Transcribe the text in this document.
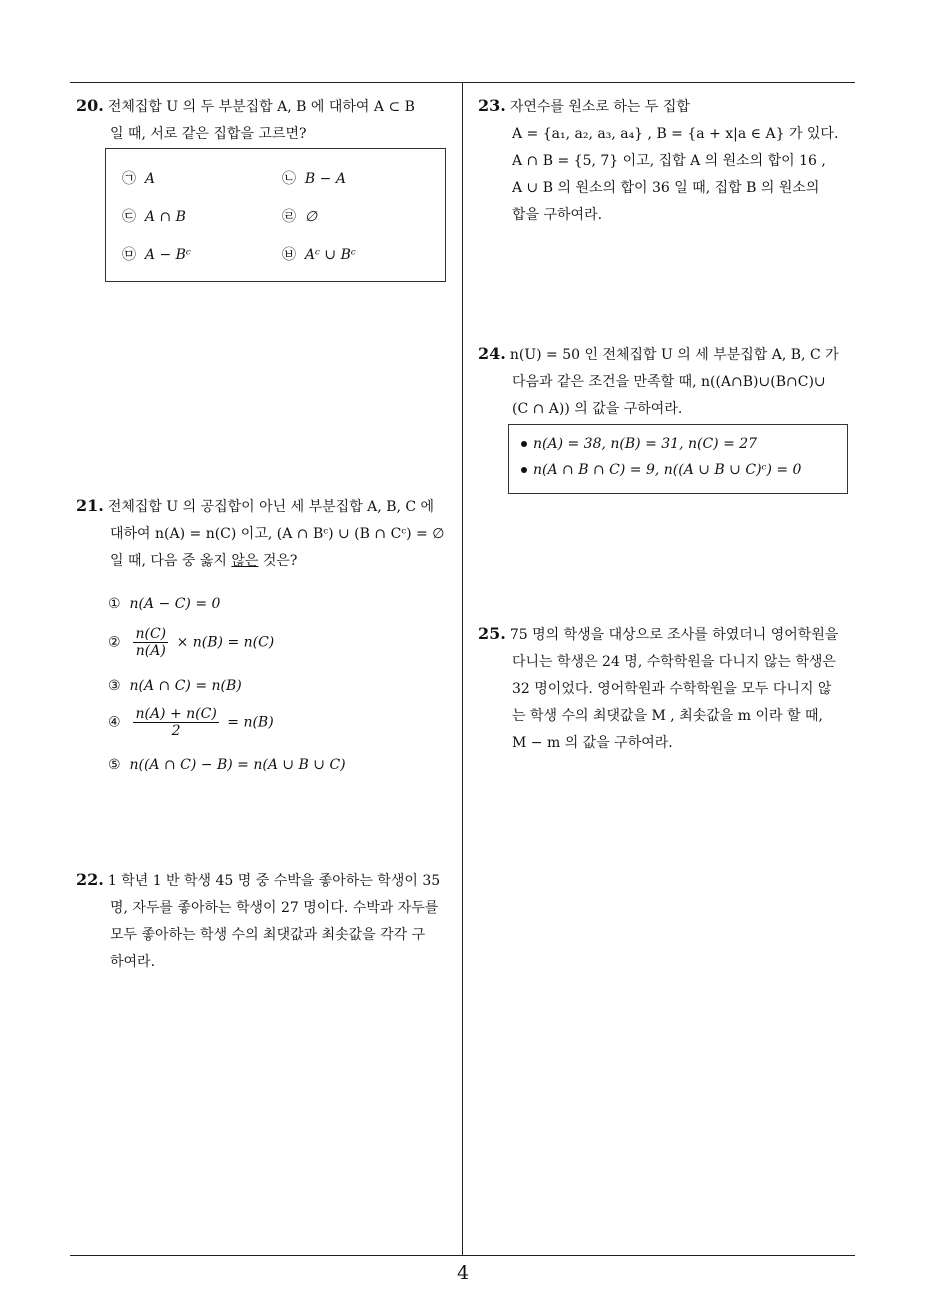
20. 전체집합 U 의 두 부분집합 A, B 에 대하여 A ⊂ B
일 때, 서로 같은 집합을 고르면?
㉠ A	㉡ B − A
㉢ A ∩ B	㉣ ∅
㉤ A − Bᶜ	㉥ Aᶜ ∪ Bᶜ
21. 전체집합 U 의 공집합이 아닌 세 부분집합 A, B, C 에
대하여 n(A) = n(C) 이고, (A ∩ Bᶜ) ∪ (B ∩ Cᶜ) = ∅
일 때, 다음 중 옳지 않은 것은?
① n(A − C) = 0
② $\frac{n(C)}{n(A)} \times n(B) = n(C)$
③ n(A ∩ C) = n(B)
④ $\frac{n(A) + n(C)}{2} = n(B)$
⑤ n((A ∩ C) − B) = n(A ∪ B ∪ C)
22. 1 학년 1 반 학생 45 명 중 수박을 좋아하는 학생이 35
명, 자두를 좋아하는 학생이 27 명이다. 수박과 자두를
모두 좋아하는 학생 수의 최댓값과 최솟값을 각각 구
하여라.
23. 자연수를 원소로 하는 두 집합
A = {a₁, a₂, a₃, a₄} , B = {a + x|a ∈ A} 가 있다.
A ∩ B = {5, 7} 이고, 집합 A 의 원소의 합이 16 ,
A ∪ B 의 원소의 합이 36 일 때, 집합 B 의 원소의
합을 구하여라.
24. n(U) = 50 인 전체집합 U 의 세 부분집합 A, B, C 가
다음과 같은 조건을 만족할 때, n((A∩B)∪(B∩C)∪
(C ∩ A)) 의 값을 구하여라.
n(A) = 38, n(B) = 31, n(C) = 27
n(A ∩ B ∩ C) = 9, n((A ∪ B ∪ C)ᶜ) = 0
25. 75 명의 학생을 대상으로 조사를 하였더니 영어학원을
다니는 학생은 24 명, 수학학원을 다니지 않는 학생은
32 명이었다. 영어학원과 수학학원을 모두 다니지 않
는 학생 수의 최댓값을 M , 최솟값을 m 이라 할 때,
M − m 의 값을 구하여라.
4
